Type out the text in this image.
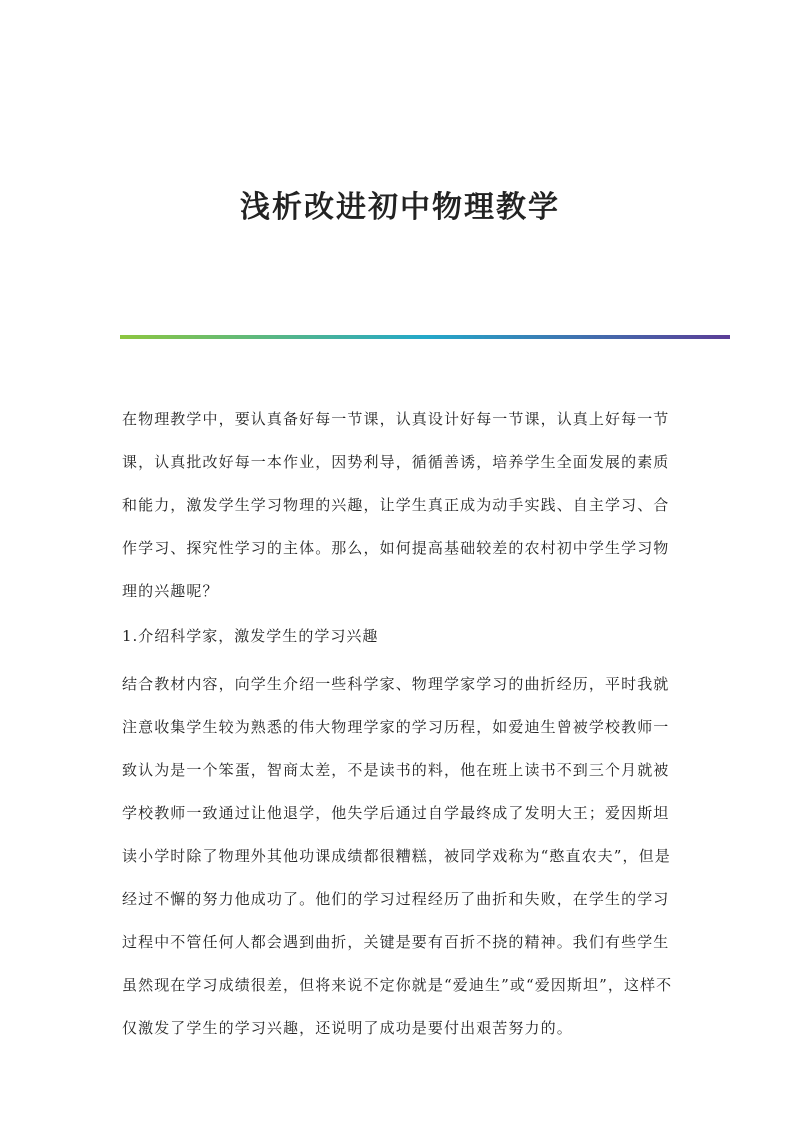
浅析改进初中物理教学
在物理教学中，要认真备好每一节课，认真设计好每一节课，认真上好每一节课，认真批改好每一本作业，因势利导，循循善诱，培养学生全面发展的素质和能力，激发学生学习物理的兴趣，让学生真正成为动手实践、自主学习、合作学习、探究性学习的主体。那么，如何提高基础较差的农村初中学生学习物理的兴趣呢？
1.介绍科学家，激发学生的学习兴趣
结合教材内容，向学生介绍一些科学家、物理学家学习的曲折经历，平时我就注意收集学生较为熟悉的伟大物理学家的学习历程，如爱迪生曾被学校教师一致认为是一个笨蛋，智商太差，不是读书的料，他在班上读书不到三个月就被学校教师一致通过让他退学，他失学后通过自学最终成了发明大王；爱因斯坦读小学时除了物理外其他功课成绩都很糟糕，被同学戏称为“憨直农夫”，但是经过不懈的努力他成功了。他们的学习过程经历了曲折和失败，在学生的学习过程中不管任何人都会遇到曲折，关键是要有百折不挠的精神。我们有些学生虽然现在学习成绩很差，但将来说不定你就是“爱迪生”或“爱因斯坦”，这样不仅激发了学生的学习兴趣，还说明了成功是要付出艰苦努力的。
